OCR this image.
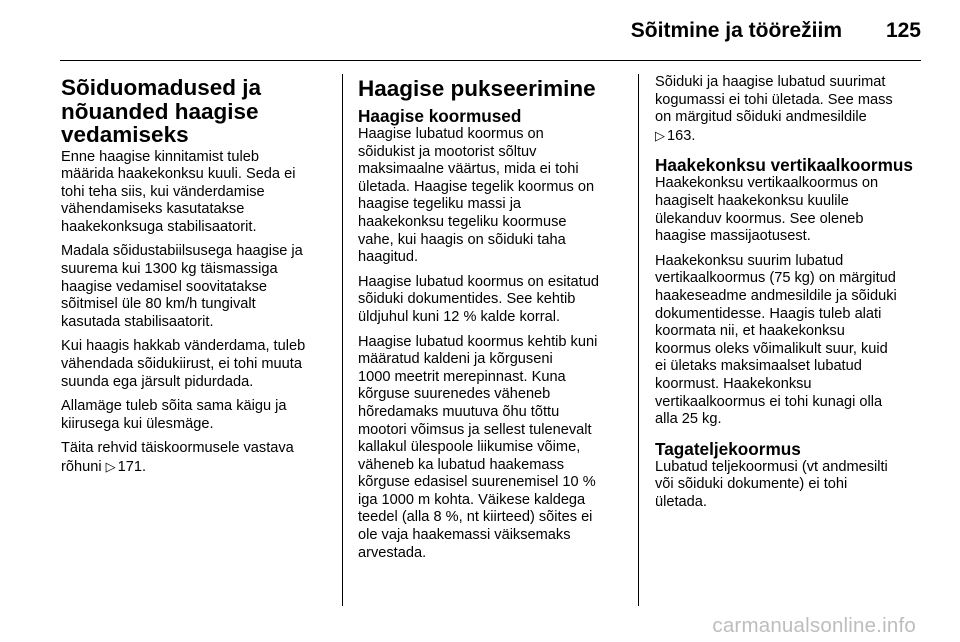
Sõitmine ja töörežiim 125
Sõiduomadused ja
nõuanded haagise
vedamiseks

Enne haagise kinnitamist tuleb
määrida haakekonksu kuuli. Seda ei
tohi teha siis, kui vänderdamise
vähendamiseks kasutatakse
haakekonksuga stabilisaatorit.

Madala sõidustabiilsusega haagise ja
suurema kui 1300 kg täismassiga
haagise vedamisel soovitatakse
sõitmisel üle 80 km/h tungivalt
kasutada stabilisaatorit.

Kui haagis hakkab vänderdama, tuleb
vähendada sõidukiirust, ei tohi muuta
suunda ega järsult pidurdada.

Allamäge tuleb sõita sama käigu ja
kiirusega kui ülesmäge.

Täita rehvid täiskoormusele vastava
rõhuni ▷ 171.

Haagise pukseerimine
Haagise koormused

Haagise lubatud koormus on
sõidukist ja mootorist sõltuv
maksimaalne väärtus, mida ei tohi
ületada. Haagise tegelik koormus on
haagise tegeliku massi ja
haakekonksu tegeliku koormuse
vahe, kui haagis on sõiduki taha
haagitud.

Haagise lubatud koormus on esitatud
sõiduki dokumentides. See kehtib
üldjuhul kuni 12 % kalde korral.

Haagise lubatud koormus kehtib kuni
määratud kaldeni ja kõrguseni
1000 meetrit merepinnast. Kuna
kõrguse suurenedes väheneb
hõredamaks muutuva õhu tõttu
mootori võimsus ja sellest tulenevalt
kallakul ülespoole liikumise võime,
väheneb ka lubatud haakemass
kõrguse edasisel suurenemisel 10 %
iga 1000 m kohta. Väikese kaldega
teedel (alla 8 %, nt kiirteed) sõites ei
ole vaja haakemassi väiksemaks
arvestada.

Sõiduki ja haagise lubatud suurimat
kogumassi ei tohi ületada. See mass
on märgitud sõiduki andmesildile
▷ 163.

Haakekonksu vertikaalkoormus

Haakekonksu vertikaalkoormus on
haagiselt haakekonksu kuulile
ülekanduv koormus. See oleneb
haagise massijaotusest.

Haakekonksu suurim lubatud
vertikaalkoormus (75 kg) on märgitud
haakeseadme andmesildile ja sõiduki
dokumentidesse. Haagis tuleb alati
koormata nii, et haakekonksu
koormus oleks võimalikult suur, kuid
ei ületaks maksimaalset lubatud
koormust. Haakekonksu
vertikaalkoormus ei tohi kunagi olla
alla 25 kg.

Tagateljekoormus

Lubatud teljekoormusi (vt andmesilti
või sõiduki dokumente) ei tohi
ületada.

carmanualsonline.info
